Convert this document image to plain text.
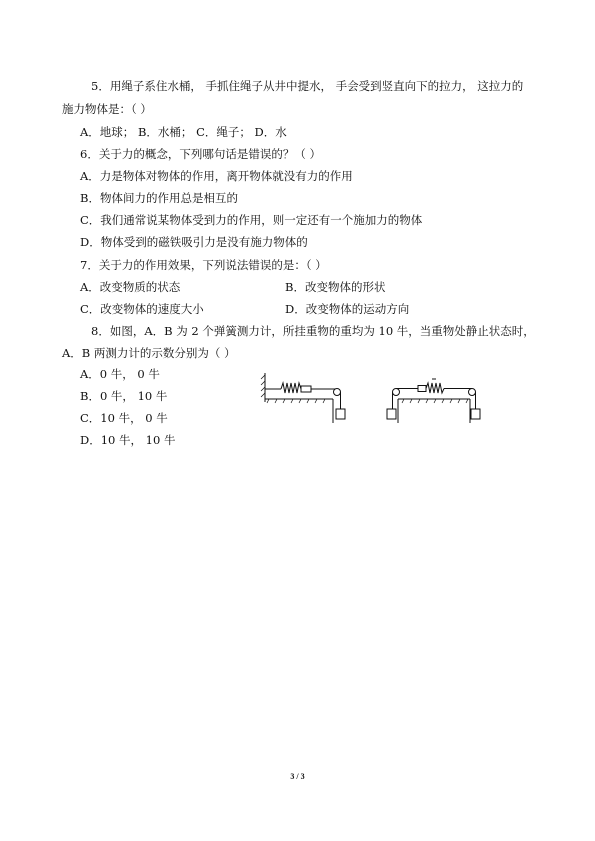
5．用绳子系住水桶， 手抓住绳子从井中提水， 手会受到竖直向下的拉力， 这拉力的
施力物体是：（ ）
A．地球； B．水桶； C．绳子； D．水
6．关于力的概念，下列哪句话是错误的？（ ）
A．力是物体对物体的作用，离开物体就没有力的作用
B．物体间力的作用总是相互的
C．我们通常说某物体受到力的作用，则一定还有一个施加力的物体
D．物体受到的磁铁吸引力是没有施力物体的
7．关于力的作用效果，下列说法错误的是：（ ）
A．改变物质的状态	B．改变物体的形状
C．改变物体的速度大小	D．改变物体的运动方向
8．如图，A．B 为 2 个弹簧测力计，所挂重物的重均为 10 牛，当重物处静止状态时，
A．B 两测力计的示数分别为（ ）
A．0 牛， 0 牛
B．0 牛， 10 牛
C．10 牛， 0 牛
D．10 牛， 10 牛
3 / 3
